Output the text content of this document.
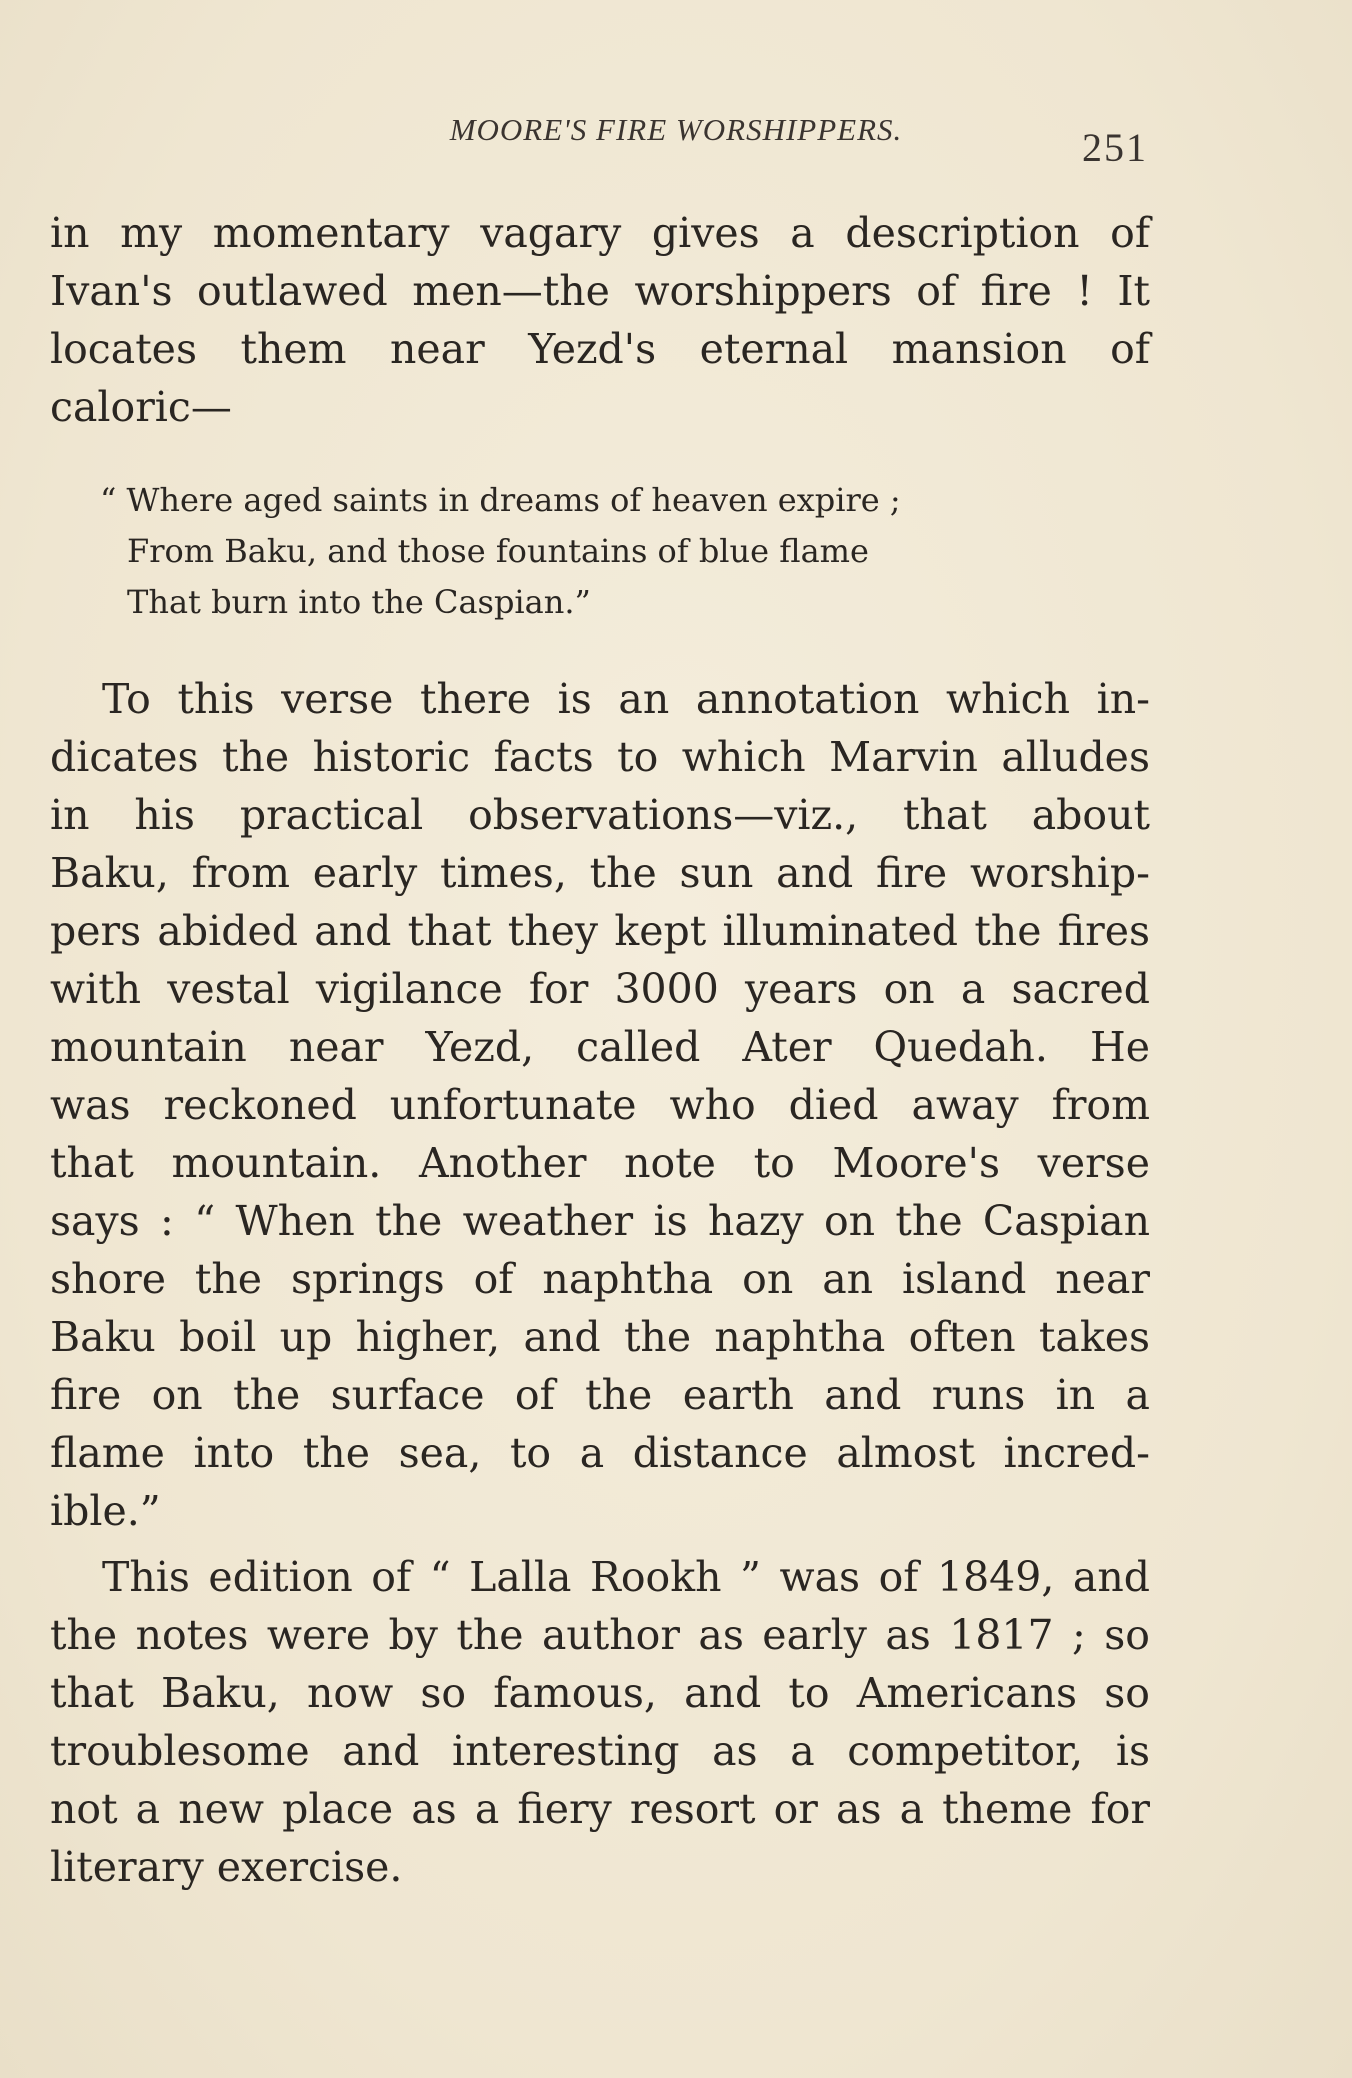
MOORE'S FIRE WORSHIPPERS.	251
in my momentary vagary gives a description of
Ivan's outlawed men—the worshippers of fire ! It
locates them near Yezd's eternal mansion of
caloric—
“ Where aged saints in dreams of heaven expire ;
From Baku, and those fountains of blue flame
That burn into the Caspian.”
To this verse there is an annotation which in-
dicates the historic facts to which Marvin alludes
in his practical observations—viz., that about
Baku, from early times, the sun and fire worship-
pers abided and that they kept illuminated the fires
with vestal vigilance for 3000 years on a sacred
mountain near Yezd, called Ater Quedah. He
was reckoned unfortunate who died away from
that mountain. Another note to Moore's verse
says : “ When the weather is hazy on the Caspian
shore the springs of naphtha on an island near
Baku boil up higher, and the naphtha often takes
fire on the surface of the earth and runs in a
flame into the sea, to a distance almost incred-
ible.”
This edition of “ Lalla Rookh ” was of 1849, and
the notes were by the author as early as 1817 ; so
that Baku, now so famous, and to Americans so
troublesome and interesting as a competitor, is
not a new place as a fiery resort or as a theme for
literary exercise.
